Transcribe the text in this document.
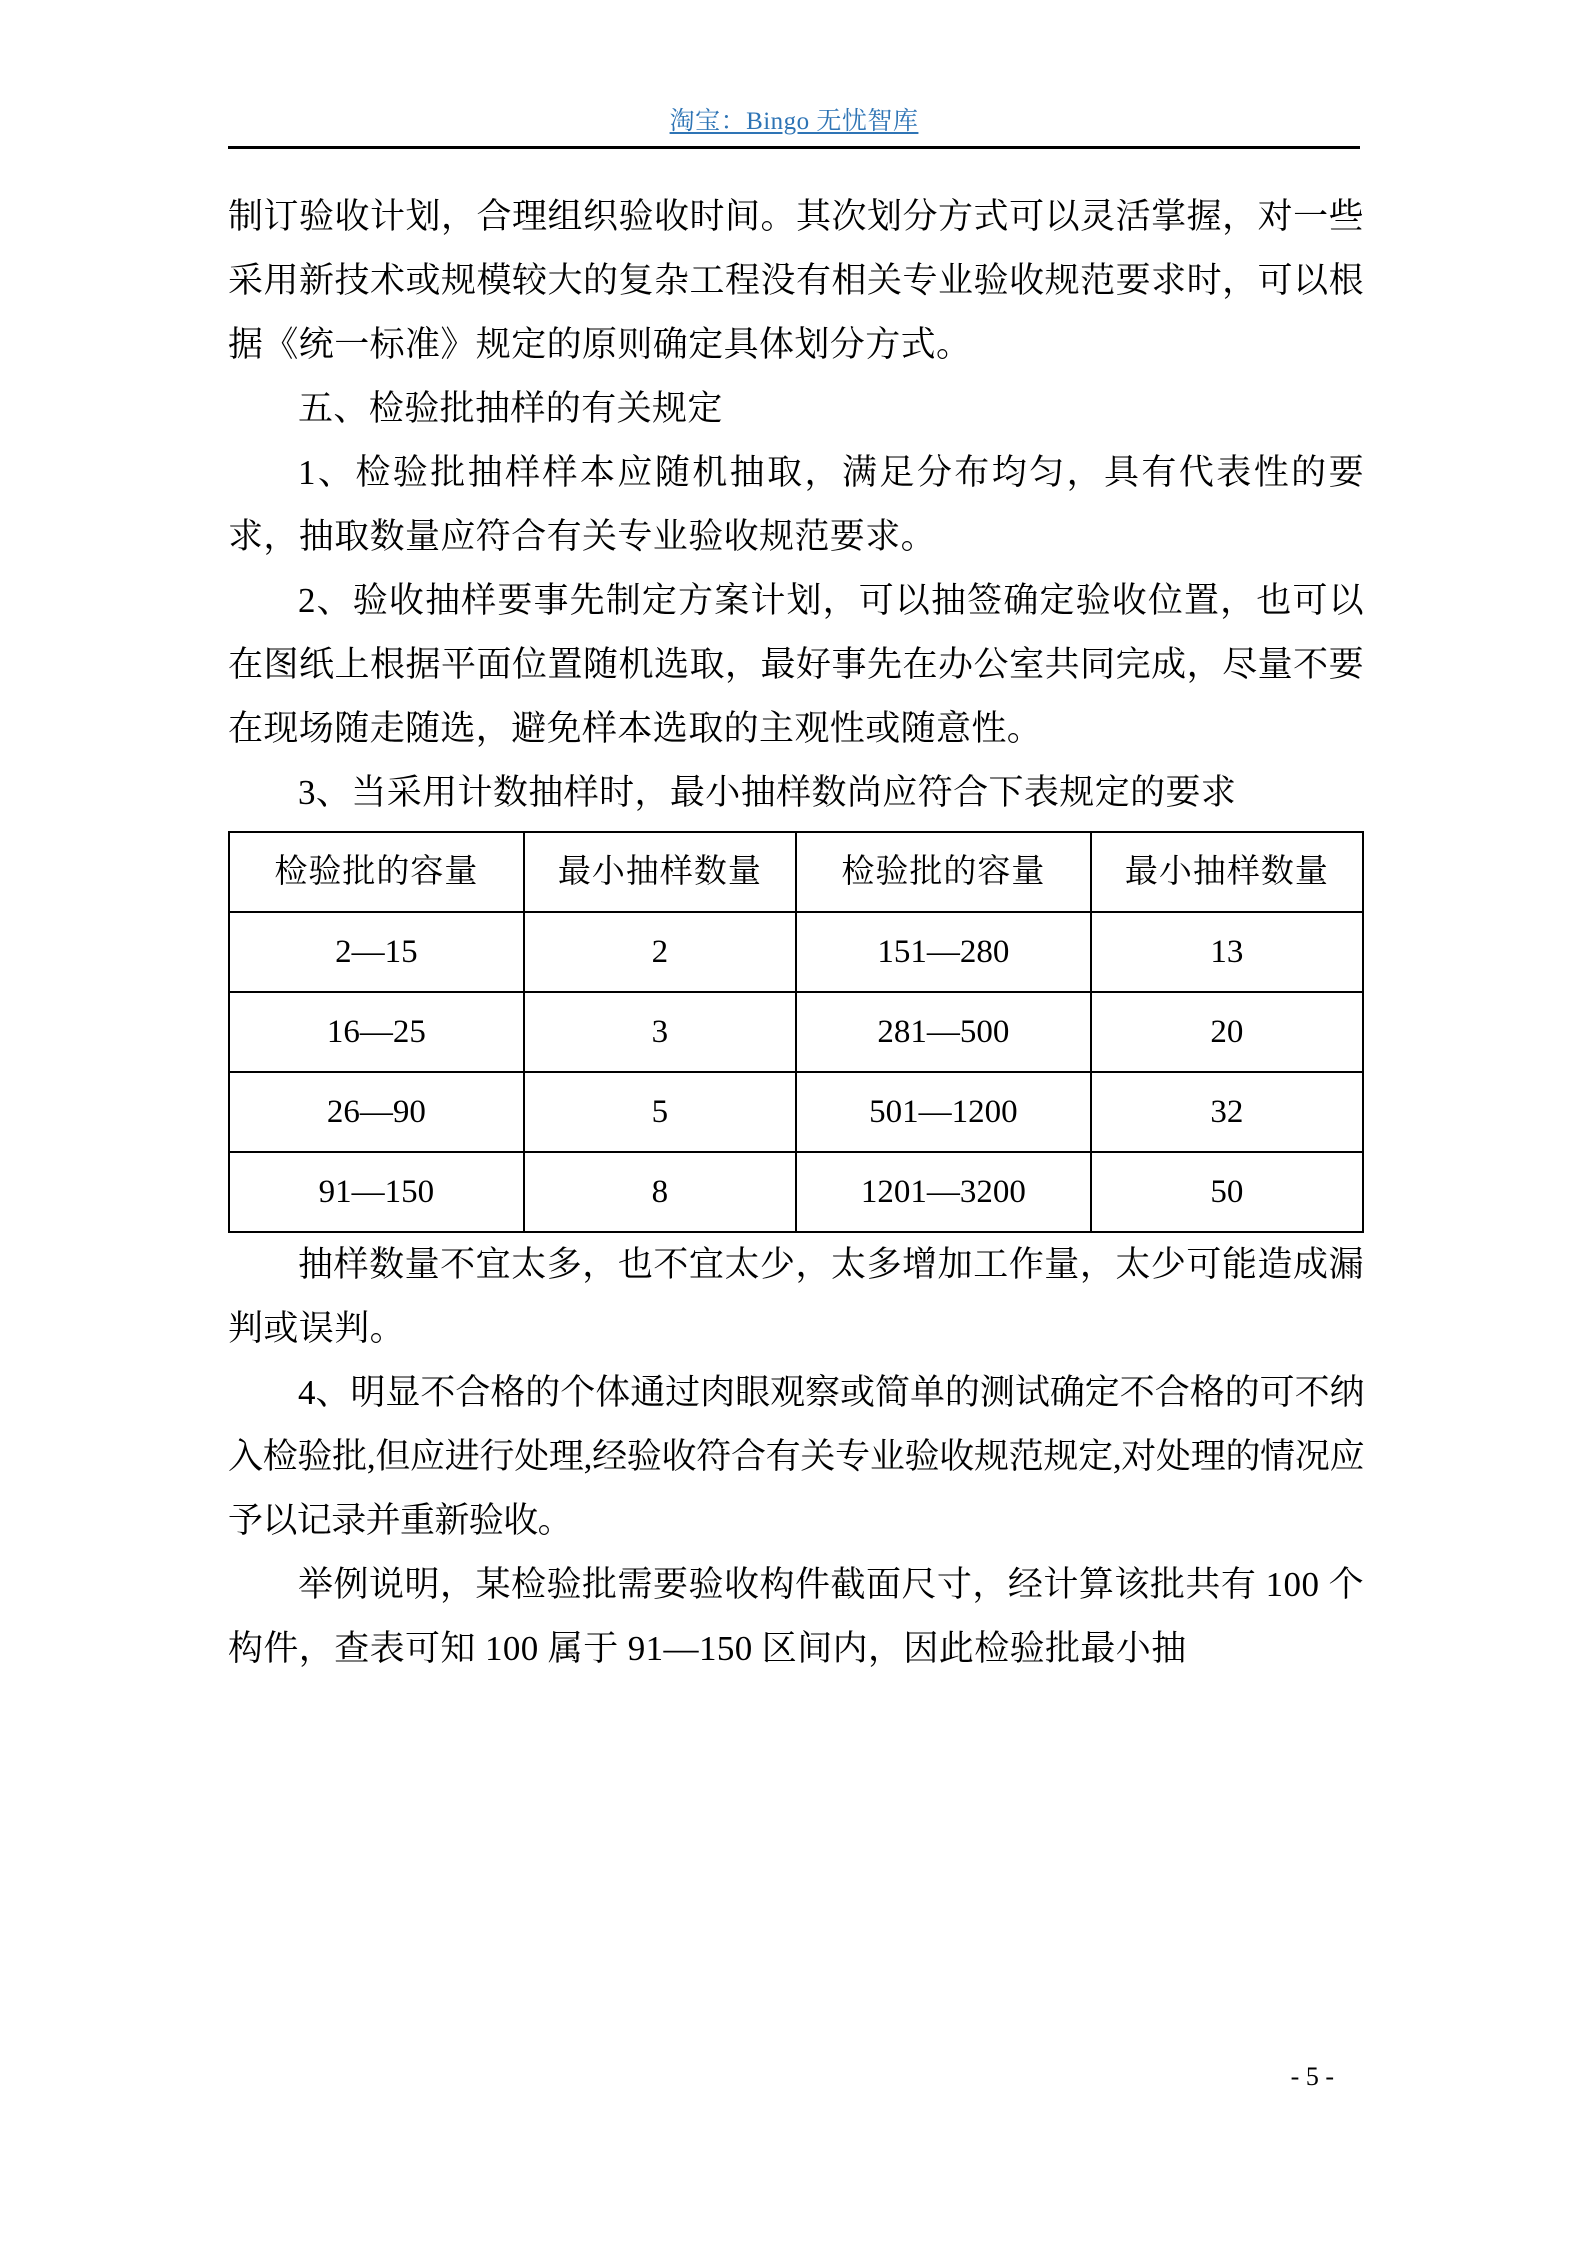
淘宝：Bingo 无忧智库

制订验收计划，合理组织验收时间。其次划分方式可以灵活掌握，对一些采用新技术或规模较大的复杂工程没有相关专业验收规范要求时，可以根据《统一标准》规定的原则确定具体划分方式。

五、检验批抽样的有关规定

1、检验批抽样样本应随机抽取，满足分布均匀，具有代表性的要求，抽取数量应符合有关专业验收规范要求。

2、验收抽样要事先制定方案计划，可以抽签确定验收位置，也可以在图纸上根据平面位置随机选取，最好事先在办公室共同完成，尽量不要在现场随走随选，避免样本选取的主观性或随意性。

3、当采用计数抽样时，最小抽样数尚应符合下表规定的要求

检验批的容量	最小抽样数量	检验批的容量	最小抽样数量
2—15	2	151—280	13
16—25	3	281—500	20
26—90	5	501—1200	32
91—150	8	1201—3200	50

抽样数量不宜太多，也不宜太少，太多增加工作量，太少可能造成漏判或误判。

4、明显不合格的个体通过肉眼观察或简单的测试确定不合格的可不纳入检验批,但应进行处理,经验收符合有关专业验收规范规定,对处理的情况应予以记录并重新验收。

举例说明，某检验批需要验收构件截面尺寸，经计算该批共有 100 个构件，查表可知 100 属于 91—150 区间内，因此检验批最小抽

- 5 -
